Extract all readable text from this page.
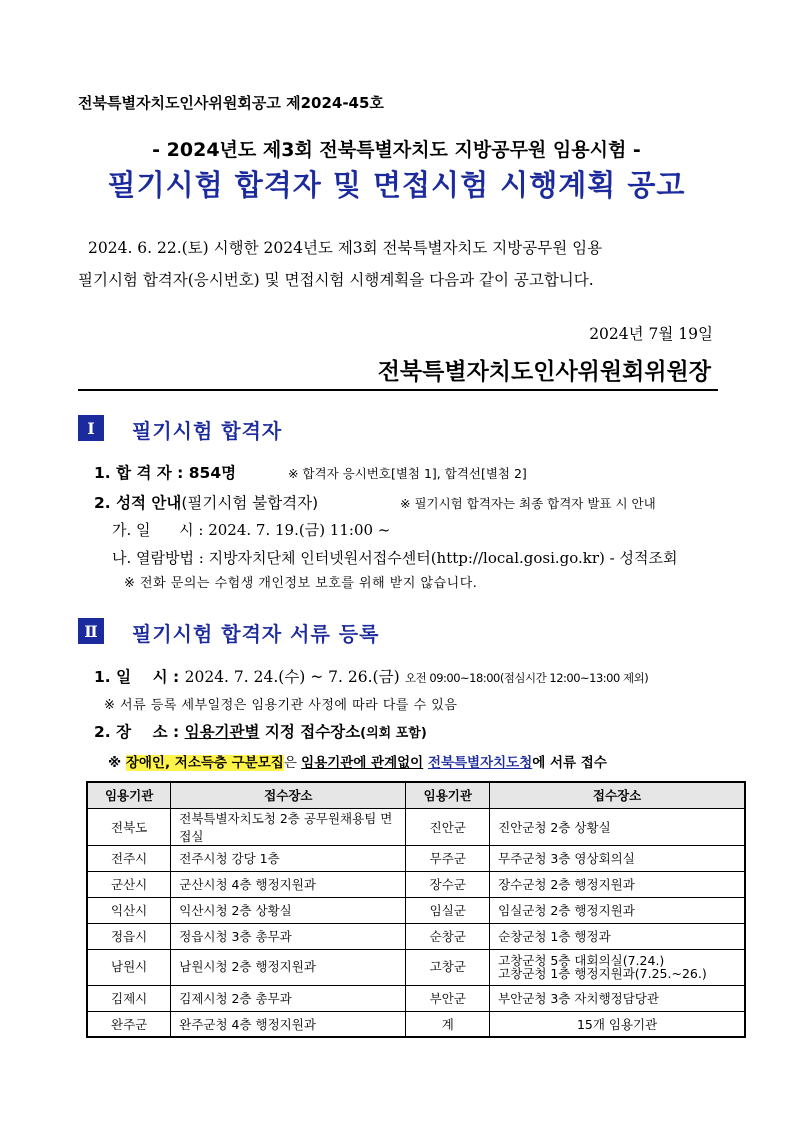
전북특별자치도인사위원회공고 제2024-45호
- 2024년도 제3회 전북특별자치도 지방공무원 임용시험 -
필기시험 합격자 및 면접시험 시행계획 공고
2024. 6. 22.(토) 시행한 2024년도 제3회 전북특별자치도 지방공무원 임용
필기시험 합격자(응시번호) 및 면접시험 시행계획을 다음과 같이 공고합니다.
2024년 7월 19일
전북특별자치도인사위원회위원장
Ⅰ	필기시험 합격자
1. 합 격 자 : 854명	※ 합격자 응시번호[별첨 1], 합격선[별첨 2]
2. 성적 안내(필기시험 불합격자)	※ 필기시험 합격자는 최종 합격자 발표 시 안내
가. 일      시 : 2024. 7. 19.(금) 11:00 ~
나. 열람방법 : 지방자치단체 인터넷원서접수센터(http://local.gosi.go.kr) - 성적조회
※ 전화 문의는 수험생 개인정보 보호를 위해 받지 않습니다.
Ⅱ	필기시험 합격자 서류 등록
1. 일    시 : 2024. 7. 24.(수) ~ 7. 26.(금) 오전 09:00~18:00(점심시간 12:00~13:00 제외)
※ 서류 등록 세부일정은 임용기관 사정에 따라 다를 수 있음
2. 장    소 : 임용기관별 지정 접수장소(의회 포함)
※ 장애인, 저소득층 구분모집은 임용기관에 관계없이 전북특별자치도청에 서류 접수
임용기관	접수장소	임용기관	접수장소
전북도	전북특별자치도청 2층 공무원채용팀 면접실	진안군	진안군청 2층 상황실
전주시	전주시청 강당 1층	무주군	무주군청 3층 영상회의실
군산시	군산시청 4층 행정지원과	장수군	장수군청 2층 행정지원과
익산시	익산시청 2층 상황실	임실군	임실군청 2층 행정지원과
정읍시	정읍시청 3층 총무과	순창군	순창군청 1층 행정과
남원시	남원시청 2층 행정지원과	고창군	고창군청 5층 대회의실(7.24.)
고창군청 1층 행정지원과(7.25.~26.)
김제시	김제시청 2층 총무과	부안군	부안군청 3층 자치행정담당관
완주군	완주군청 4층 행정지원과	계	15개 임용기관
